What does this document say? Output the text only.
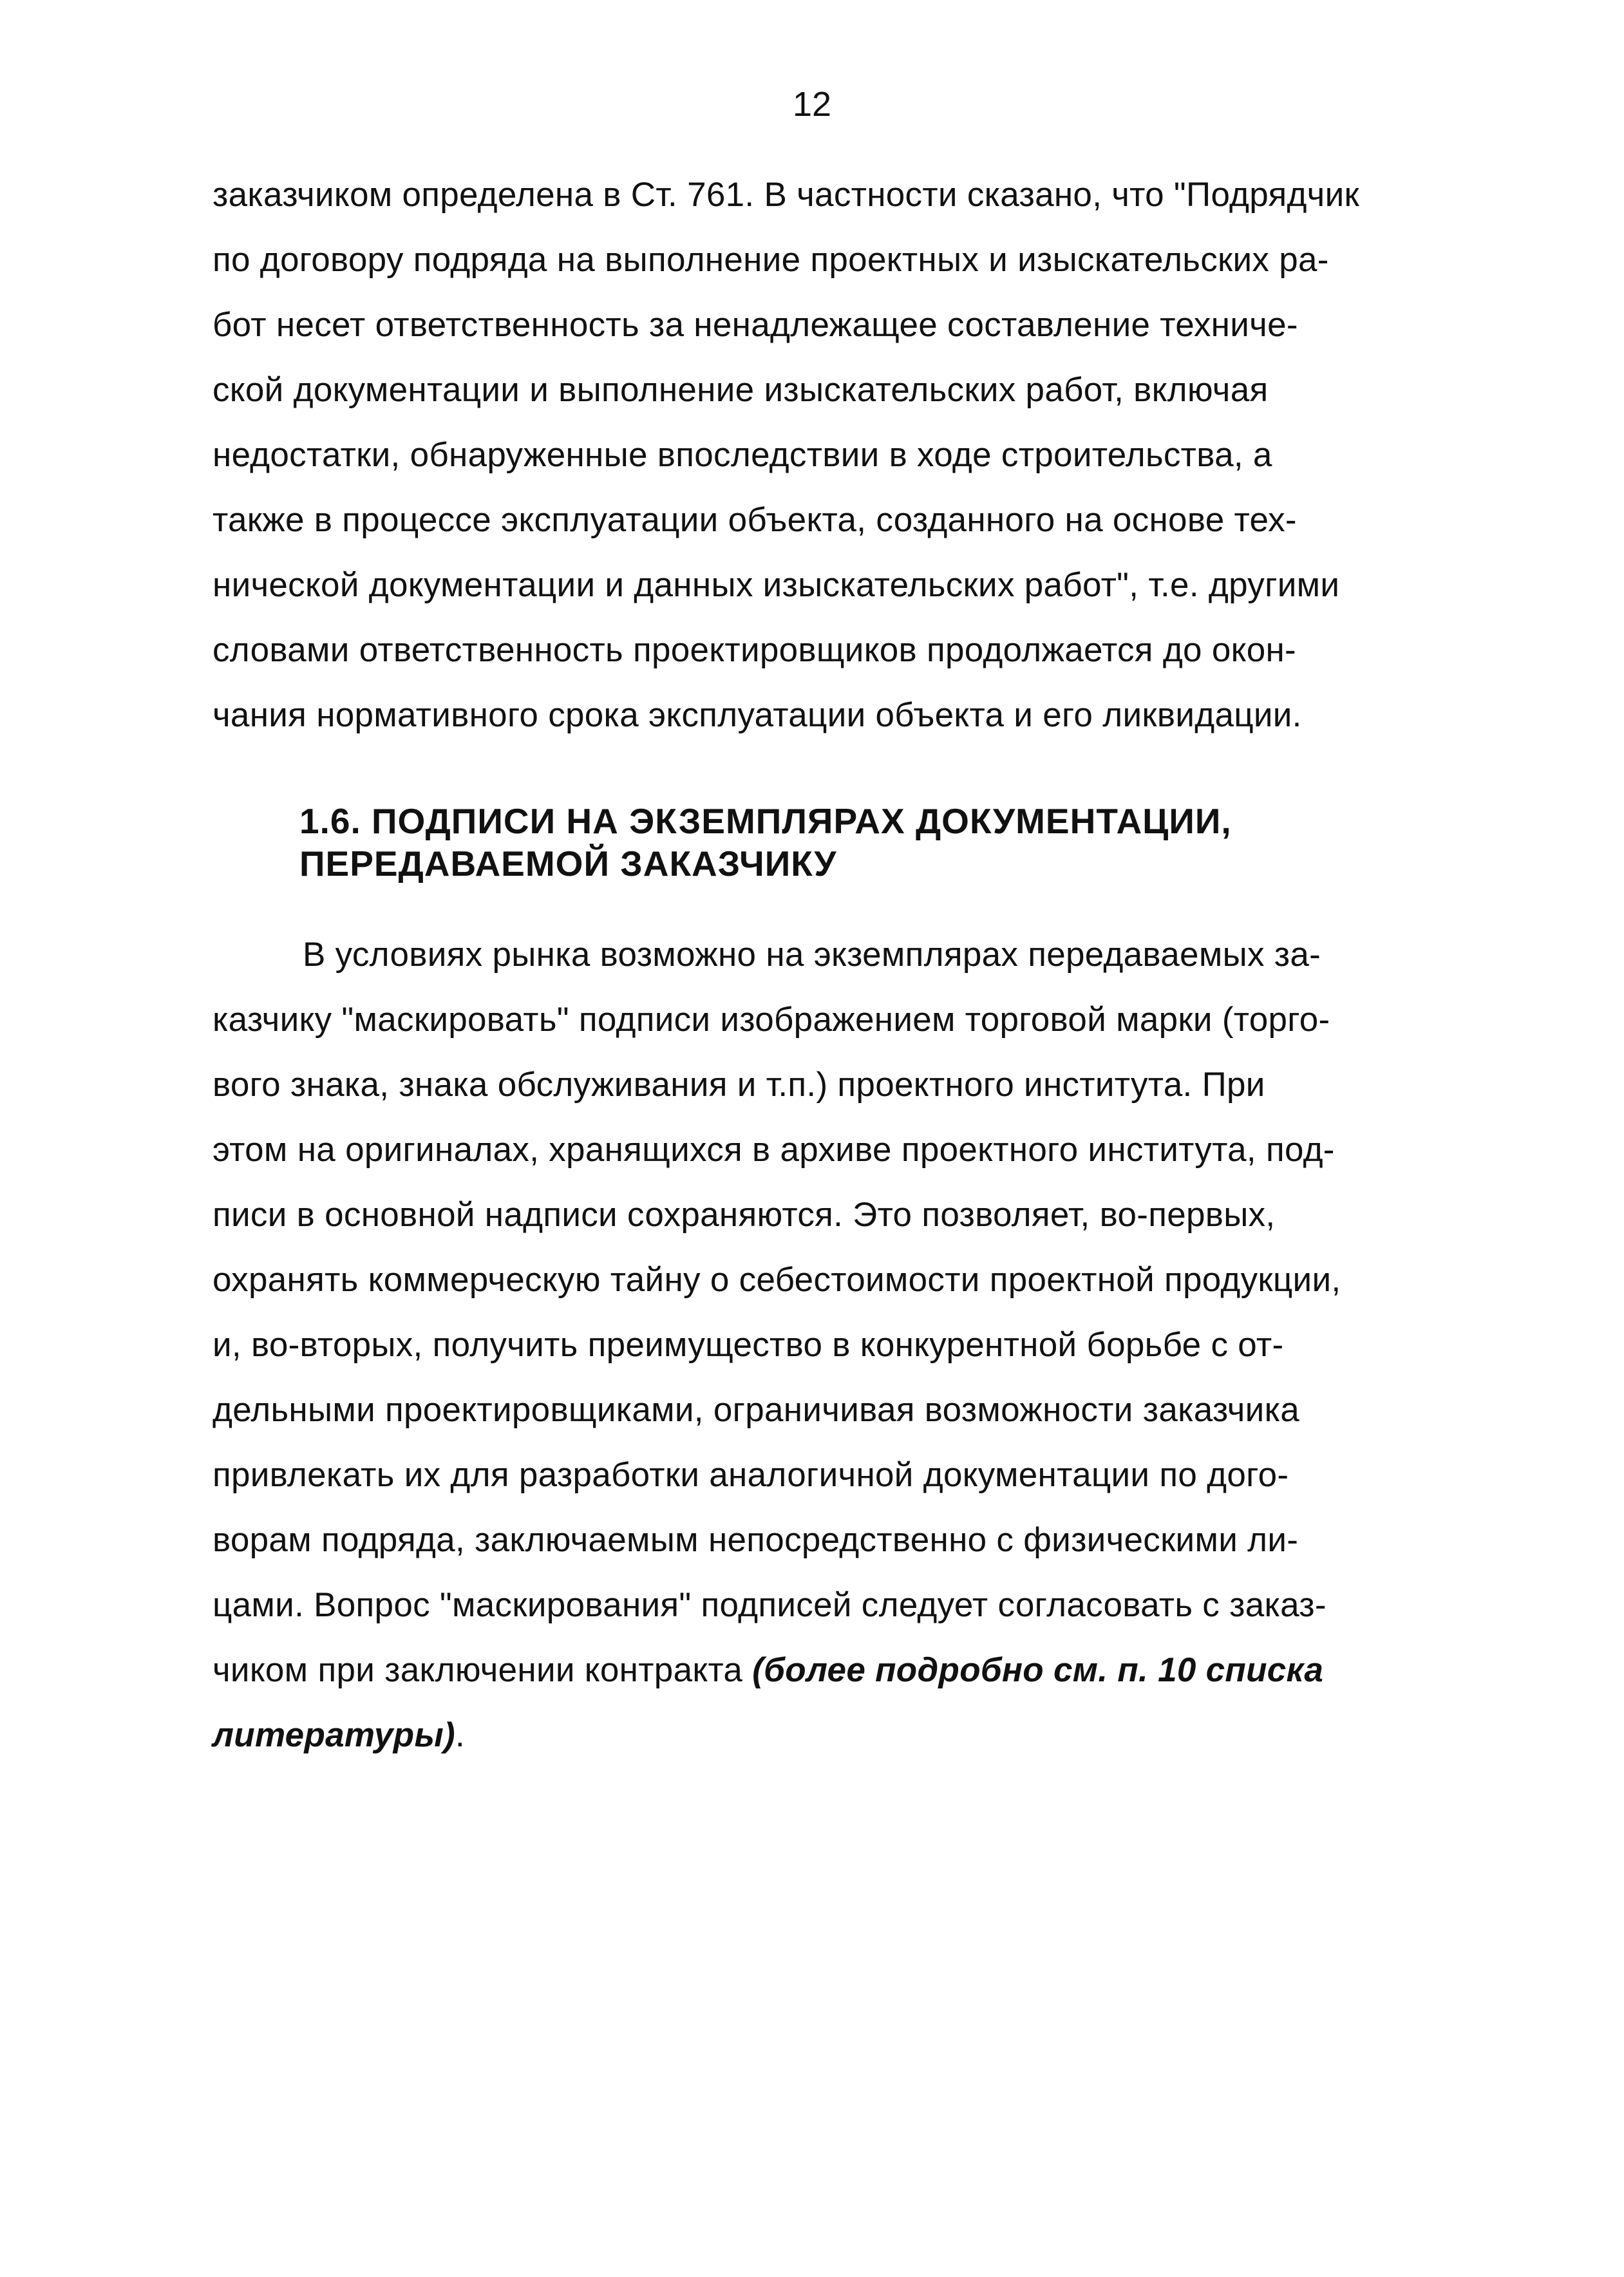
12
заказчиком определена в Ст. 761. В частности сказано, что "Подрядчик
по договору подряда на выполнение проектных и изыскательских ра-
бот несет ответственность за ненадлежащее составление техниче-
ской документации и выполнение изыскательских работ, включая
недостатки, обнаруженные впоследствии в ходе строительства, а
также в процессе эксплуатации объекта, созданного на основе тех-
нической документации и данных изыскательских работ", т.е. другими
словами ответственность проектировщиков продолжается до окон-
чания нормативного срока эксплуатации объекта и его ликвидации.
1.6. ПОДПИСИ НА ЭКЗЕМПЛЯРАХ ДОКУМЕНТАЦИИ,
ПЕРЕДАВАЕМОЙ ЗАКАЗЧИКУ
В условиях рынка возможно на экземплярах передаваемых за-
казчику "маскировать" подписи изображением торговой марки (торго-
вого знака, знака обслуживания и т.п.) проектного института. При
этом на оригиналах, хранящихся в архиве проектного института, под-
писи в основной надписи сохраняются. Это позволяет, во-первых,
охранять коммерческую тайну о себестоимости проектной продукции,
и, во-вторых, получить преимущество в конкурентной борьбе с от-
дельными проектировщиками, ограничивая возможности заказчика
привлекать их для разработки аналогичной документации по дого-
ворам подряда, заключаемым непосредственно с физическими ли-
цами. Вопрос "маскирования" подписей следует согласовать с заказ-
чиком при заключении контракта (более подробно см. п. 10 списка
литературы).
